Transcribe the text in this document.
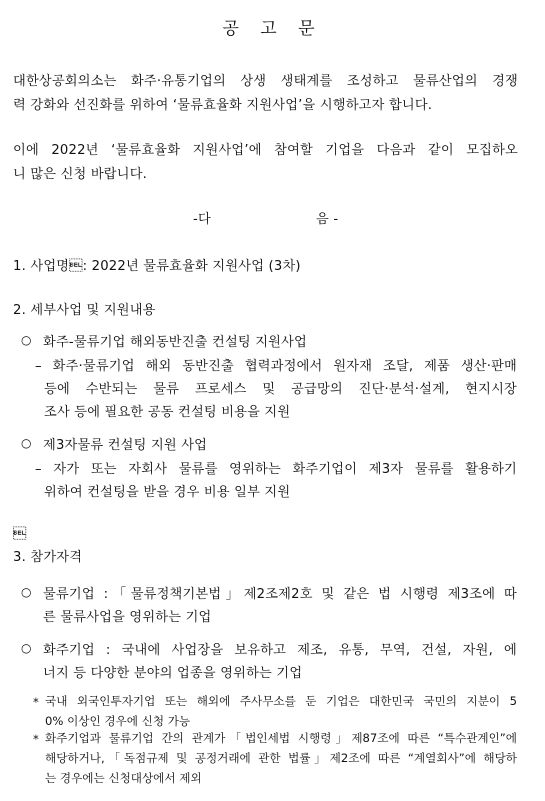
공 고 문
대한상공회의소는 화주·유통기업의 상생 생태계를 조성하고 물류산업의 경쟁
력 강화와 선진화를 위하여 ‘물류효율화 지원사업’을 시행하고자 합니다.
이에 2022년 ‘물류효율화 지원사업’에 참여할 기업을 다음과 같이 모집하오
니 많은 신청 바랍니다.
-다	음 -
1. 사업명: 2022년 물류효율화 지원사업 (3차)
2. 세부사업 및 지원내용
○ 화주-물류기업 해외동반진출 컨설팅 지원사업
– 화주·물류기업 해외 동반진출 협력과정에서 원자재 조달, 제품 생산·판매
등에 수반되는 물류 프로세스 및 공급망의 진단·분석·설계, 현지시장
조사 등에 필요한 공동 컨설팅 비용을 지원
○ 제3자물류 컨설팅 지원 사업
– 자가 또는 자회사 물류를 영위하는 화주기업이 제3자 물류를 활용하기
위하여 컨설팅을 받을 경우 비용 일부 지원

3. 참가자격
○ 물류기업 :「물류정책기본법」제2조제2호 및 같은 법 시행령 제3조에 따
른 물류사업을 영위하는 기업
○ 화주기업 : 국내에 사업장을 보유하고 제조, 유통, 무역, 건설, 자원, 에
너지 등 다양한 분야의 업종을 영위하는 기업
* 국내 외국인투자기업 또는 해외에 주사무소를 둔 기업은 대한민국 국민의 지분이 5
0% 이상인 경우에 신청 가능
* 화주기업과 물류기업 간의 관계가「법인세법 시행령」제87조에 따른 “특수관계인”에
해당하거나,「독점규제 및 공정거래에 관한 법률」제2조에 따른 “계열회사”에 해당하
는 경우에는 신청대상에서 제외
